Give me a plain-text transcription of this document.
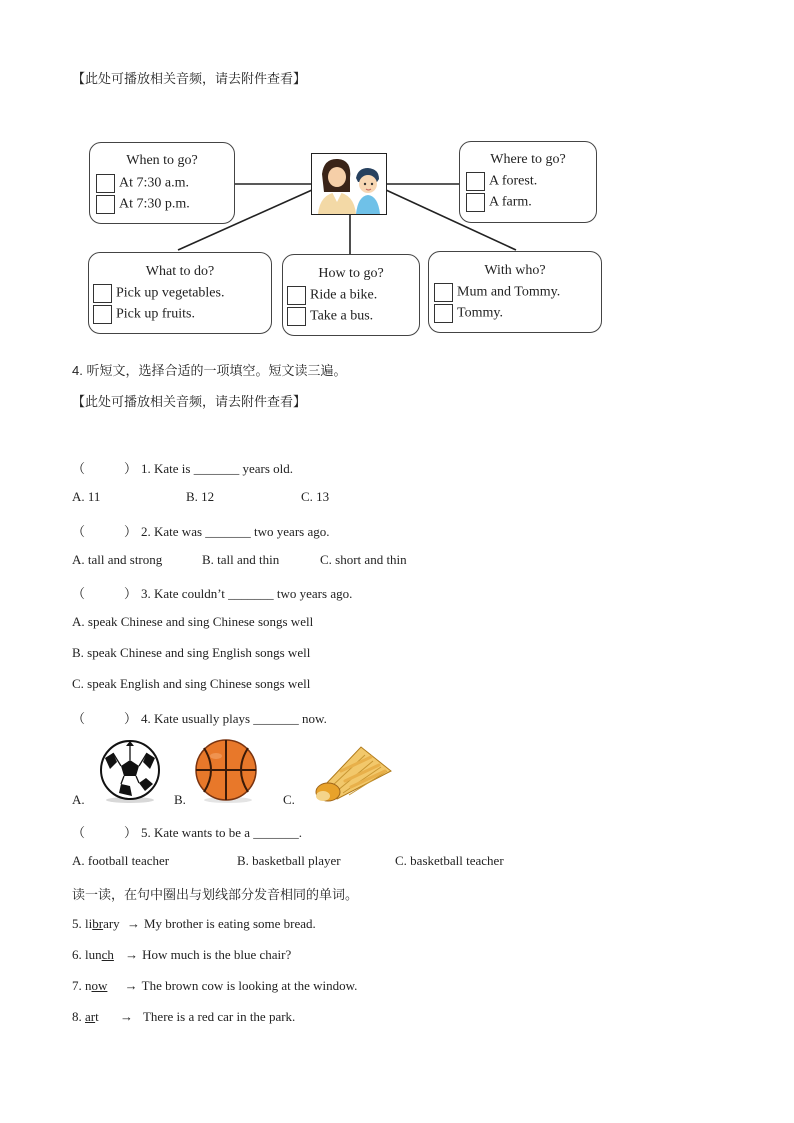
【此处可播放相关音频，请去附件查看】
When to go?
At 7:30 a.m.
At 7:30 p.m.
Where to go?
A forest.
A farm.
What to do?
Pick up vegetables.
Pick up fruits.
How to go?
Ride a bike.
Take a bus.
With who?
Mum and Tommy.
Tommy.
4. 听短文，选择合适的一项填空。短文读三遍。
【此处可播放相关音频，请去附件查看】
（　　　） 1. Kate is _______ years old.
A. 11	B. 12	C. 13
（　　　） 2. Kate was _______ two years ago.
A. tall and strong	B. tall and thin	C. short and thin
（　　　） 3. Kate couldn’t _______ two years ago.
A. speak Chinese and sing Chinese songs well
B. speak Chinese and sing English songs well
C. speak English and sing Chinese songs well
（　　　） 4. Kate usually plays _______ now.
A.	B.	C.
（　　　） 5. Kate wants to be a _______.
A. football teacher	B. basketball player	C. basketball teacher
读一读，在句中圈出与划线部分发音相同的单词。
5. library → My brother is eating some bread.
6. lunch → How much is the blue chair?
7. now → The brown cow is looking at the window.
8. art → There is a red car in the park.
